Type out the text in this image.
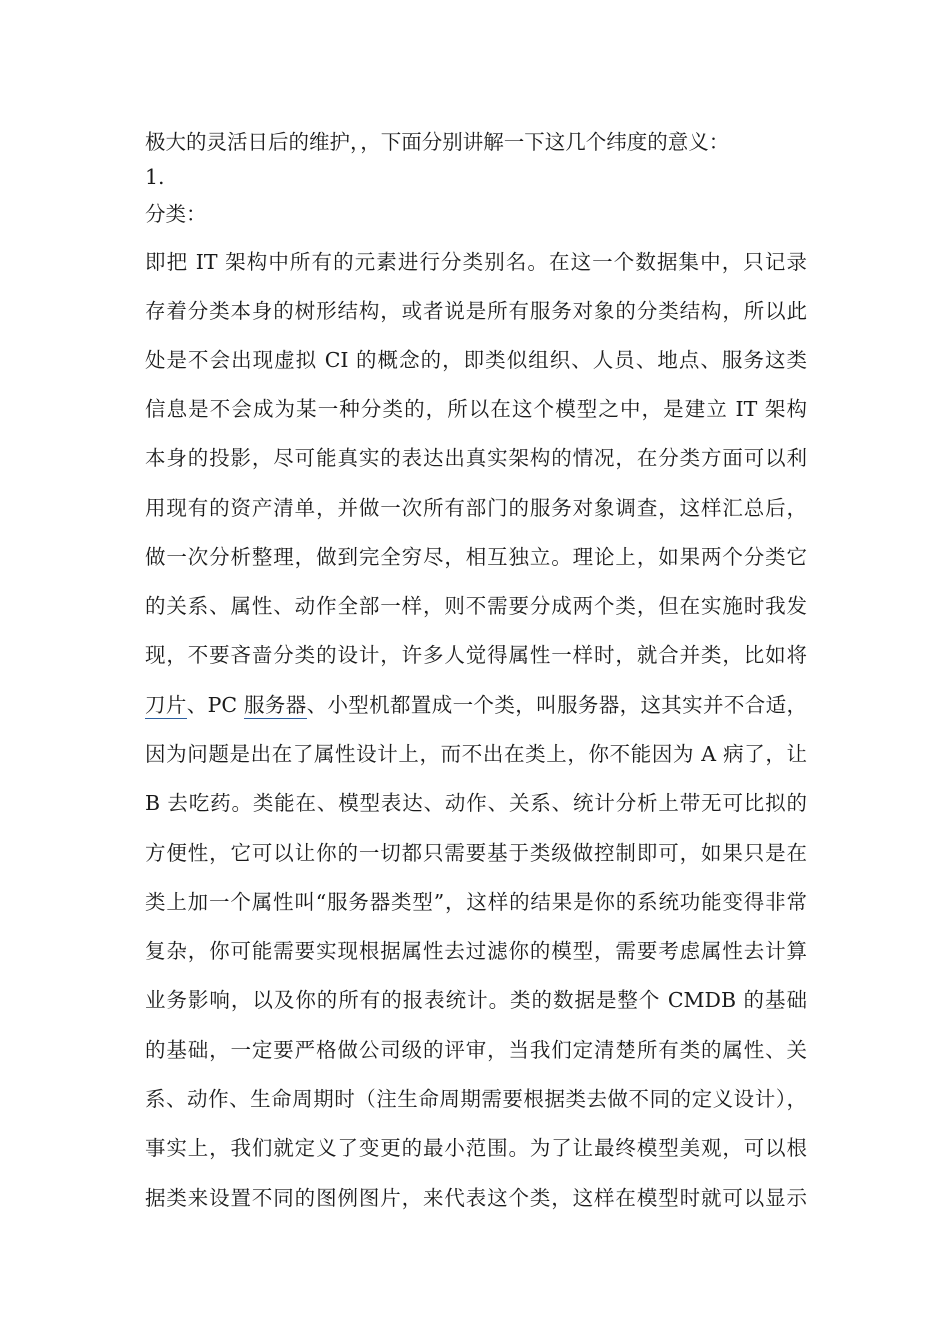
极大的灵活日后的维护，，下面分别讲解一下这几个纬度的意义：
1.
分类：
即把 IT 架构中所有的元素进行分类别名。在这一个数据集中，只记录
存着分类本身的树形结构，或者说是所有服务对象的分类结构，所以此
处是不会出现虚拟 CI 的概念的，即类似组织、人员、地点、服务这类
信息是不会成为某一种分类的，所以在这个模型之中，是建立 IT 架构
本身的投影，尽可能真实的表达出真实架构的情况，在分类方面可以利
用现有的资产清单，并做一次所有部门的服务对象调查，这样汇总后，
做一次分析整理，做到完全穷尽，相互独立。理论上，如果两个分类它
的关系、属性、动作全部一样，则不需要分成两个类，但在实施时我发
现，不要吝啬分类的设计，许多人觉得属性一样时，就合并类，比如将
刀片、PC 服务器、小型机都置成一个类，叫服务器，这其实并不合适，
因为问题是出在了属性设计上，而不出在类上，你不能因为 A 病了，让
B 去吃药。类能在、模型表达、动作、关系、统计分析上带无可比拟的
方便性，它可以让你的一切都只需要基于类级做控制即可，如果只是在
类上加一个属性叫“服务器类型”，这样的结果是你的系统功能变得非常
复杂，你可能需要实现根据属性去过滤你的模型，需要考虑属性去计算
业务影响，以及你的所有的报表统计。类的数据是整个 CMDB 的基础
的基础，一定要严格做公司级的评审，当我们定清楚所有类的属性、关
系、动作、生命周期时（注生命周期需要根据类去做不同的定义设计），
事实上，我们就定义了变更的最小范围。为了让最终模型美观，可以根
据类来设置不同的图例图片，来代表这个类，这样在模型时就可以显示
